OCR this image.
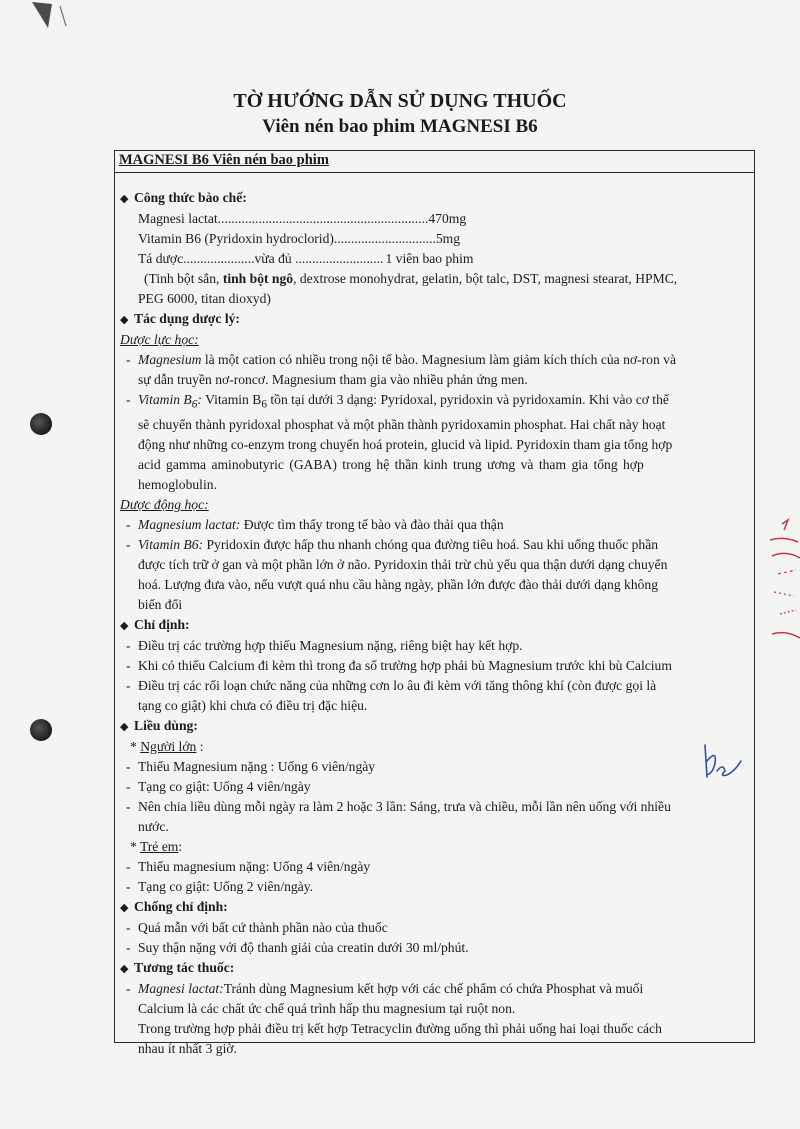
TỜ HƯỚNG DẪN SỬ DỤNG THUỐC
Viên nén bao phim MAGNESI B6
MAGNESI B6 Viên nén bao phim
◆ Công thức bào chế:
Magnesi lactat .............................................................. 470mg
Vitamin B6 (Pyridoxin hydroclorid) .............................. 5mg
Tá dược .....................vừa đủ .......................... 1 viên bao phim
(Tinh bột sắn, tinh bột ngô, dextrose monohydrat, gelatin, bột talc, DST, magnesi stearat, HPMC,
PEG 6000, titan dioxyd)
◆ Tác dụng dược lý:
Dược lực học:
- Magnesium là một cation có nhiều trong nội tế bào. Magnesium làm giảm kích thích của nơ-ron và
sự dẫn truyền nơ-roncơ. Magnesium tham gia vào nhiều phản ứng men.
- Vitamin $B_6$: Vitamin $B_6$ tồn tại dưới 3 dạng: Pyridoxal, pyridoxin và pyridoxamin. Khi vào cơ thể
sẽ chuyển thành pyridoxal phosphat và một phần thành pyridoxamin phosphat. Hai chất này hoạt
động như những co-enzym trong chuyển hoá protein, glucid và lipid. Pyridoxin tham gia tổng hợp
acid gamma aminobutyric (GABA) trong hệ thần kinh trung ương và tham gia tổng hợp
hemoglobulin.
Dược động học:
- Magnesium lactat: Được tìm thấy trong tế bào và đào thải qua thận
- Vitamin B6: Pyridoxin được hấp thu nhanh chóng qua đường tiêu hoá. Sau khi uống thuốc phần
được tích trữ ở gan và một phần lớn ở não. Pyridoxin thải trừ chủ yếu qua thận dưới dạng chuyển
hoá. Lượng đưa vào, nếu vượt quá nhu cầu hàng ngày, phần lớn được đào thải dưới dạng không
biến đổi
◆ Chỉ định:
- Điều trị các trường hợp thiếu Magnesium nặng, riêng biệt hay kết hợp.
- Khi có thiếu Calcium đi kèm thì trong đa số trường hợp phải bù Magnesium trước khi bù Calcium
- Điều trị các rối loạn chức năng của những cơn lo âu đi kèm với tăng thông khí (còn được gọi là
tạng co giật) khi chưa có điều trị đặc hiệu.
◆ Liều dùng:
* Người lớn :
- Thiếu Magnesium nặng : Uống 6 viên/ngày
- Tạng co giật: Uống 4 viên/ngày
- Nên chia liều dùng mỗi ngày ra làm 2 hoặc 3 lần: Sáng, trưa và chiều, mỗi lần nên uống với nhiều
nước.
* Trẻ em:
- Thiếu magnesium nặng: Uống 4 viên/ngày
- Tạng co giật: Uống 2 viên/ngày.
◆ Chống chỉ định:
- Quá mẫn với bất cứ thành phần nào của thuốc
- Suy thận nặng với độ thanh giải của creatin dưới 30 ml/phút.
◆ Tương tác thuốc:
- Magnesi lactat:Tránh dùng Magnesium kết hợp với các chế phẩm có chứa Phosphat và muối
Calcium là các chất ức chế quá trình hấp thu magnesium tại ruột non.
Trong trường hợp phải điều trị kết hợp Tetracyclin đường uống thì phải uống hai loại thuốc cách
nhau ít nhất 3 giờ.
